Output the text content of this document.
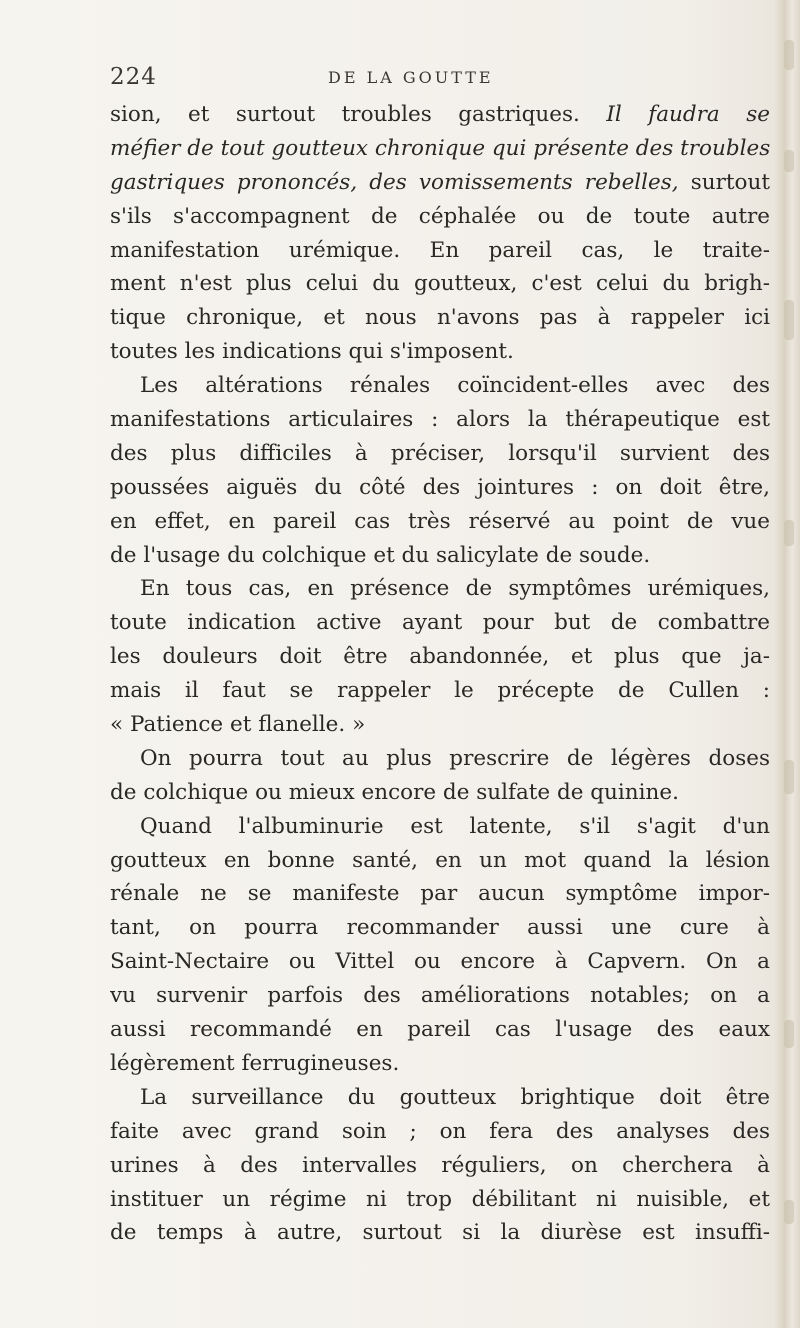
224	DE LA GOUTTE
sion, et surtout troubles gastriques. Il faudra se
méfier de tout goutteux chronique qui présente des troubles
gastriques prononcés, des vomissements rebelles, surtout
s'ils s'accompagnent de céphalée ou de toute autre
manifestation urémique. En pareil cas, le traite-
ment n'est plus celui du goutteux, c'est celui du brigh-
tique chronique, et nous n'avons pas à rappeler ici
toutes les indications qui s'imposent.
Les altérations rénales coïncident-elles avec des
manifestations articulaires : alors la thérapeutique est
des plus difficiles à préciser, lorsqu'il survient des
poussées aiguës du côté des jointures : on doit être,
en effet, en pareil cas très réservé au point de vue
de l'usage du colchique et du salicylate de soude.
En tous cas, en présence de symptômes urémiques,
toute indication active ayant pour but de combattre
les douleurs doit être abandonnée, et plus que ja-
mais il faut se rappeler le précepte de Cullen :
« Patience et flanelle. »
On pourra tout au plus prescrire de légères doses
de colchique ou mieux encore de sulfate de quinine.
Quand l'albuminurie est latente, s'il s'agit d'un
goutteux en bonne santé, en un mot quand la lésion
rénale ne se manifeste par aucun symptôme impor-
tant, on pourra recommander aussi une cure à
Saint-Nectaire ou Vittel ou encore à Capvern. On a
vu survenir parfois des améliorations notables; on a
aussi recommandé en pareil cas l'usage des eaux
légèrement ferrugineuses.
La surveillance du goutteux brightique doit être
faite avec grand soin ; on fera des analyses des
urines à des intervalles réguliers, on cherchera à
instituer un régime ni trop débilitant ni nuisible, et
de temps à autre, surtout si la diurèse est insuffi-
